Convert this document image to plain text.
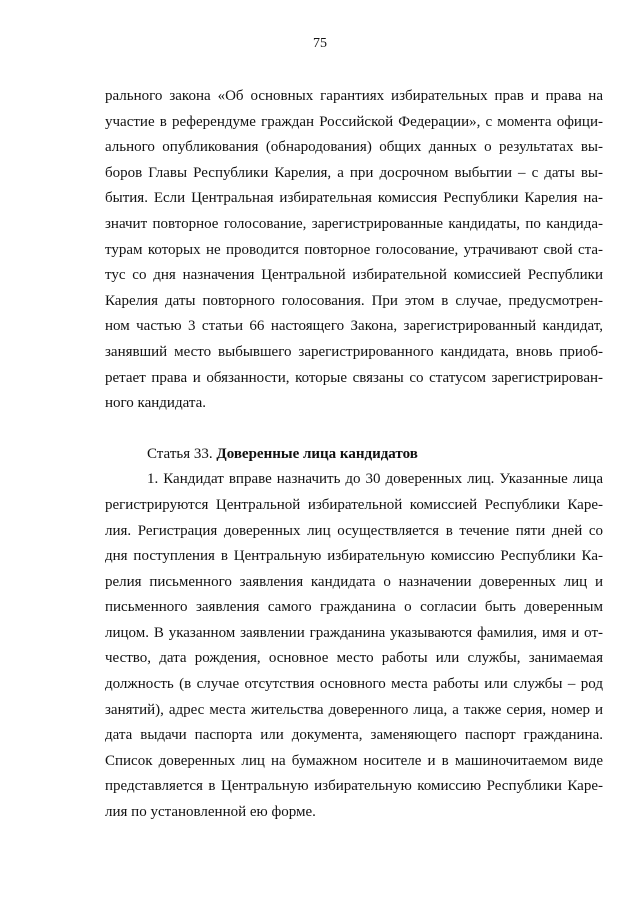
75
рального закона «Об основных гарантиях избирательных прав и права на
участие в референдуме граждан Российской Федерации», с момента офици-
ального опубликования (обнародования) общих данных о результатах вы-
боров Главы Республики Карелия, а при досрочном выбытии – с даты вы-
бытия. Если Центральная избирательная комиссия Республики Карелия на-
значит повторное голосование, зарегистрированные кандидаты, по кандида-
турам которых не проводится повторное голосование, утрачивают свой ста-
тус со дня назначения Центральной избирательной комиссией Республики
Карелия даты повторного голосования. При этом в случае, предусмотрен-
ном частью 3 статьи 66 настоящего Закона, зарегистрированный кандидат,
занявший место выбывшего зарегистрированного кандидата, вновь приоб-
ретает права и обязанности, которые связаны со статусом зарегистрирован-
ного кандидата.
Статья 33. Доверенные лица кандидатов
1. Кандидат вправе назначить до 30 доверенных лиц. Указанные лица
регистрируются Центральной избирательной комиссией Республики Каре-
лия. Регистрация доверенных лиц осуществляется в течение пяти дней со
дня поступления в Центральную избирательную комиссию Республики Ка-
релия письменного заявления кандидата о назначении доверенных лиц и
письменного заявления самого гражданина о согласии быть доверенным
лицом. В указанном заявлении гражданина указываются фамилия, имя и от-
чество, дата рождения, основное место работы или службы, занимаемая
должность (в случае отсутствия основного места работы или службы – род
занятий), адрес места жительства доверенного лица, а также серия, номер и
дата выдачи паспорта или документа, заменяющего паспорт гражданина.
Список доверенных лиц на бумажном носителе и в машиночитаемом виде
представляется в Центральную избирательную комиссию Республики Каре-
лия по установленной ею форме.
